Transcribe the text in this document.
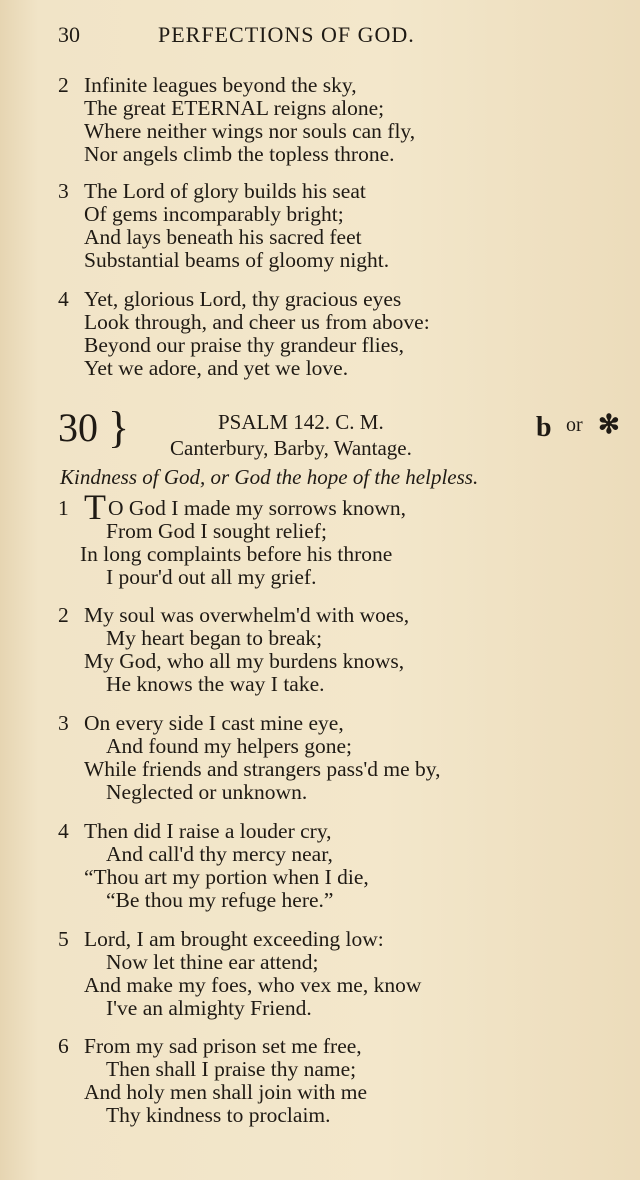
30	PERFECTIONS OF GOD.
2 Infinite leagues beyond the sky,
The great ETERNAL reigns alone;
Where neither wings nor souls can fly,
Nor angels climb the topless throne.
3 The Lord of glory builds his seat
Of gems incomparably bright;
And lays beneath his sacred feet
Substantial beams of gloomy night.
4 Yet, glorious Lord, thy gracious eyes
Look through, and cheer us from above:
Beyond our praise thy grandeur flies,
Yet we adore, and yet we love.
30 }	PSALM 142. C. M.
Canterbury, Barby, Wantage.
b or ✻
Kindness of God, or God the hope of the helpless.
1 TO God I made my sorrows known,
From God I sought relief;
In long complaints before his throne
I pour'd out all my grief.
2 My soul was overwhelm'd with woes,
My heart began to break;
My God, who all my burdens knows,
He knows the way I take.
3 On every side I cast mine eye,
And found my helpers gone;
While friends and strangers pass'd me by,
Neglected or unknown.
4 Then did I raise a louder cry,
And call'd thy mercy near,
“Thou art my portion when I die,
“Be thou my refuge here.”
5 Lord, I am brought exceeding low:
Now let thine ear attend;
And make my foes, who vex me, know
I've an almighty Friend.
6 From my sad prison set me free,
Then shall I praise thy name;
And holy men shall join with me
Thy kindness to proclaim.
